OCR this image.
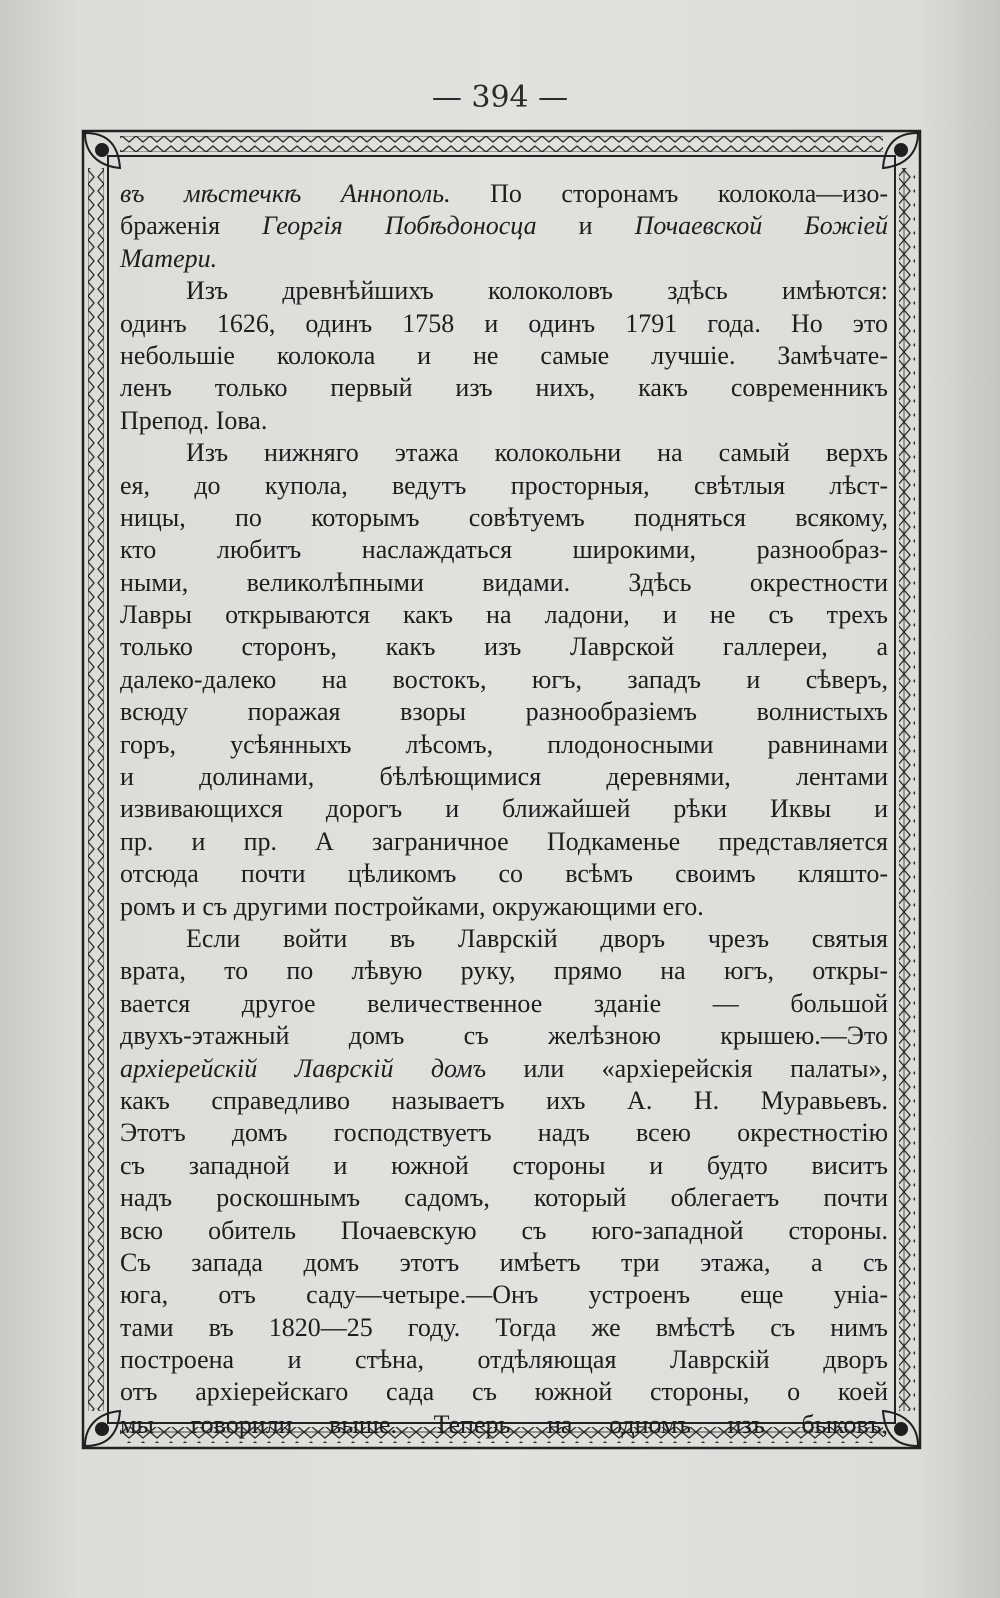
— 394 —
въ мѣстечкѣ Аннополь. По сторонамъ колокола—изо-
браженія Георгія Побѣдоносца и Почаевской Божіей
Матери.
Изъ древнѣйшихъ колоколовъ здѣсь имѣются:
одинъ 1626, одинъ 1758 и одинъ 1791 года. Но это
небольшіе колокола и не самые лучшіе. Замѣчате-
ленъ только первый изъ нихъ, какъ современникъ
Препод. Іова.
Изъ нижняго этажа колокольни на самый верхъ
ея, до купола, ведутъ просторныя, свѣтлыя лѣст-
ницы, по которымъ совѣтуемъ подняться всякому,
кто любитъ наслаждаться широкими, разнообраз-
ными, великолѣпными видами. Здѣсь окрестности
Лавры открываются какъ на ладони, и не съ трехъ
только сторонъ, какъ изъ Лаврской галлереи, а
далеко-далеко на востокъ, югъ, западъ и сѣверъ,
всюду поражая взоры разнообразіемъ волнистыхъ
горъ, усѣянныхъ лѣсомъ, плодоносными равнинами
и долинами, бѣлѣющимися деревнями, лентами
извивающихся дорогъ и ближайшей рѣки Иквы и
пр. и пр. А заграничное Подкаменье представляется
отсюда почти цѣликомъ со всѣмъ своимъ кляшто-
ромъ и съ другими постройками, окружающими его.
Если войти въ Лаврскій дворъ чрезъ святыя
врата, то по лѣвую руку, прямо на югъ, откры-
вается другое величественное зданіе — большой
двухъ-этажный домъ съ желѣзною крышею.—Это
архіерейскій Лаврскій домъ или «архіерейскія палаты»,
какъ справедливо называетъ ихъ А. Н. Муравьевъ.
Этотъ домъ господствуетъ надъ всею окрестностію
съ западной и южной стороны и будто виситъ
надъ роскошнымъ садомъ, который облегаетъ почти
всю обитель Почаевскую съ юго-западной стороны.
Съ запада домъ этотъ имѣетъ три этажа, а съ
юга, отъ саду—четыре.—Онъ устроенъ еще уніа-
тами въ 1820—25 году. Тогда же вмѣстѣ съ нимъ
построена и стѣна, отдѣляющая Лаврскій дворъ
отъ архіерейскаго сада съ южной стороны, о коей
мы говорили выше. Теперь на одномъ изъ быковъ,
